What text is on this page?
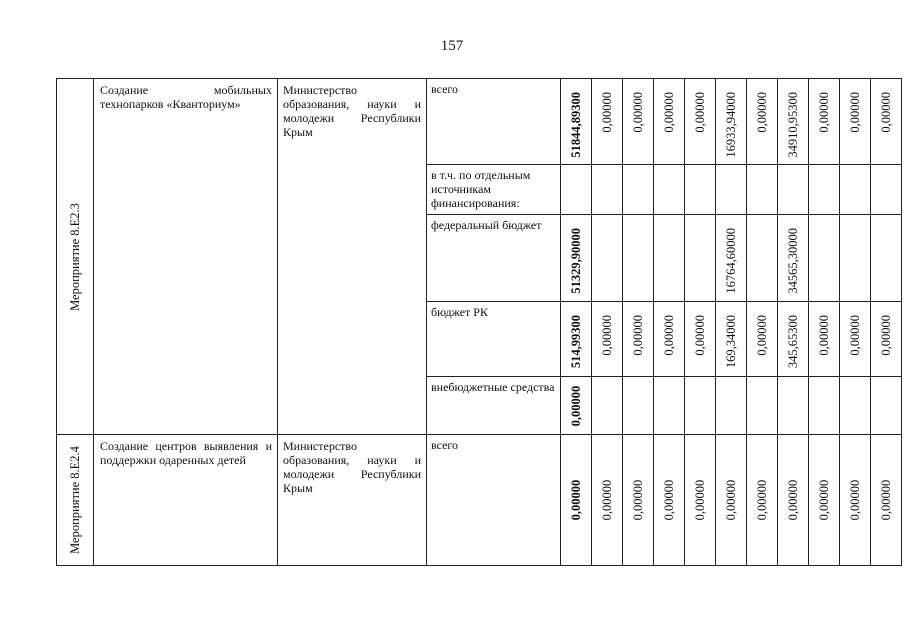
157
Мероприятие 8.Е2.3	Создание мобильных технопарков «Кванториум»	Министерство образования, науки и молодежи Республики Крым	всего	51844,89300	0,00000	0,00000	0,00000	0,00000	16933,94000	0,00000	34910,95300	0,00000	0,00000	0,00000

			в т.ч. по отдельным источникам финансирования:											
			федеральный бюджет	51329,90000					16764,60000		34565,30000			

			бюджет РК	514,99300	0,00000	0,00000	0,00000	0,00000	169,34000	0,00000	345,65300	0,00000	0,00000	0,00000

			внебюджетные средства	0,00000										

Мероприятие 8.Е2.4	Создание центров выявления и поддержки одаренных детей	Министерство образования, науки и молодежи Республики Крым	всего	0,00000	0,00000	0,00000	0,00000	0,00000	0,00000	0,00000	0,00000	0,00000	0,00000	0,00000
